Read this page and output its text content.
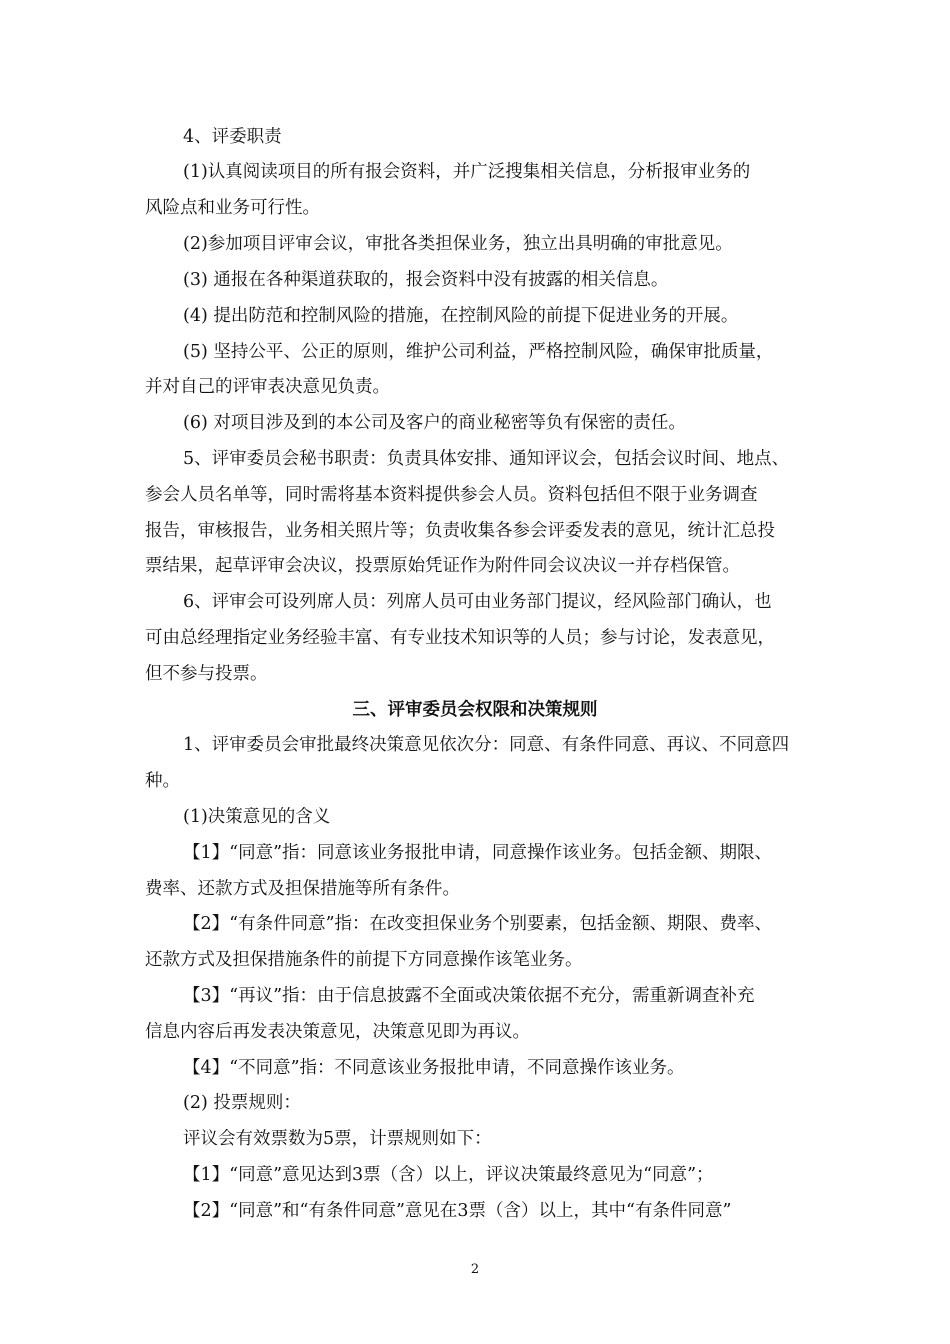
4、评委职责
(1)认真阅读项目的所有报会资料，并广泛搜集相关信息，分析报审业务的
风险点和业务可行性。
(2)参加项目评审会议，审批各类担保业务，独立出具明确的审批意见。
(3) 通报在各种渠道获取的，报会资料中没有披露的相关信息。
(4) 提出防范和控制风险的措施，在控制风险的前提下促进业务的开展。
(5) 坚持公平、公正的原则，维护公司利益，严格控制风险，确保审批质量，
并对自己的评审表决意见负责。
(6) 对项目涉及到的本公司及客户的商业秘密等负有保密的责任。
5、评审委员会秘书职责：负责具体安排、通知评议会，包括会议时间、地点、
参会人员名单等，同时需将基本资料提供参会人员。资料包括但不限于业务调查
报告，审核报告，业务相关照片等；负责收集各参会评委发表的意见，统计汇总投
票结果，起草评审会决议，投票原始凭证作为附件同会议决议一并存档保管。
6、评审会可设列席人员：列席人员可由业务部门提议，经风险部门确认，也
可由总经理指定业务经验丰富、有专业技术知识等的人员；参与讨论，发表意见，
但不参与投票。
三、评审委员会权限和决策规则
1、评审委员会审批最终决策意见依次分：同意、有条件同意、再议、不同意四
种。
(1)决策意见的含义
【1】“同意”指：同意该业务报批申请，同意操作该业务。包括金额、期限、
费率、还款方式及担保措施等所有条件。
【2】“有条件同意”指：在改变担保业务个别要素，包括金额、期限、费率、
还款方式及担保措施条件的前提下方同意操作该笔业务。
【3】“再议”指：由于信息披露不全面或决策依据不充分，需重新调查补充
信息内容后再发表决策意见，决策意见即为再议。
【4】“不同意”指：不同意该业务报批申请，不同意操作该业务。
(2) 投票规则：
评议会有效票数为5票，计票规则如下：
【1】“同意”意见达到3票（含）以上，评议决策最终意见为“同意”；
【2】“同意”和“有条件同意”意见在3票（含）以上，其中“有条件同意”
2
